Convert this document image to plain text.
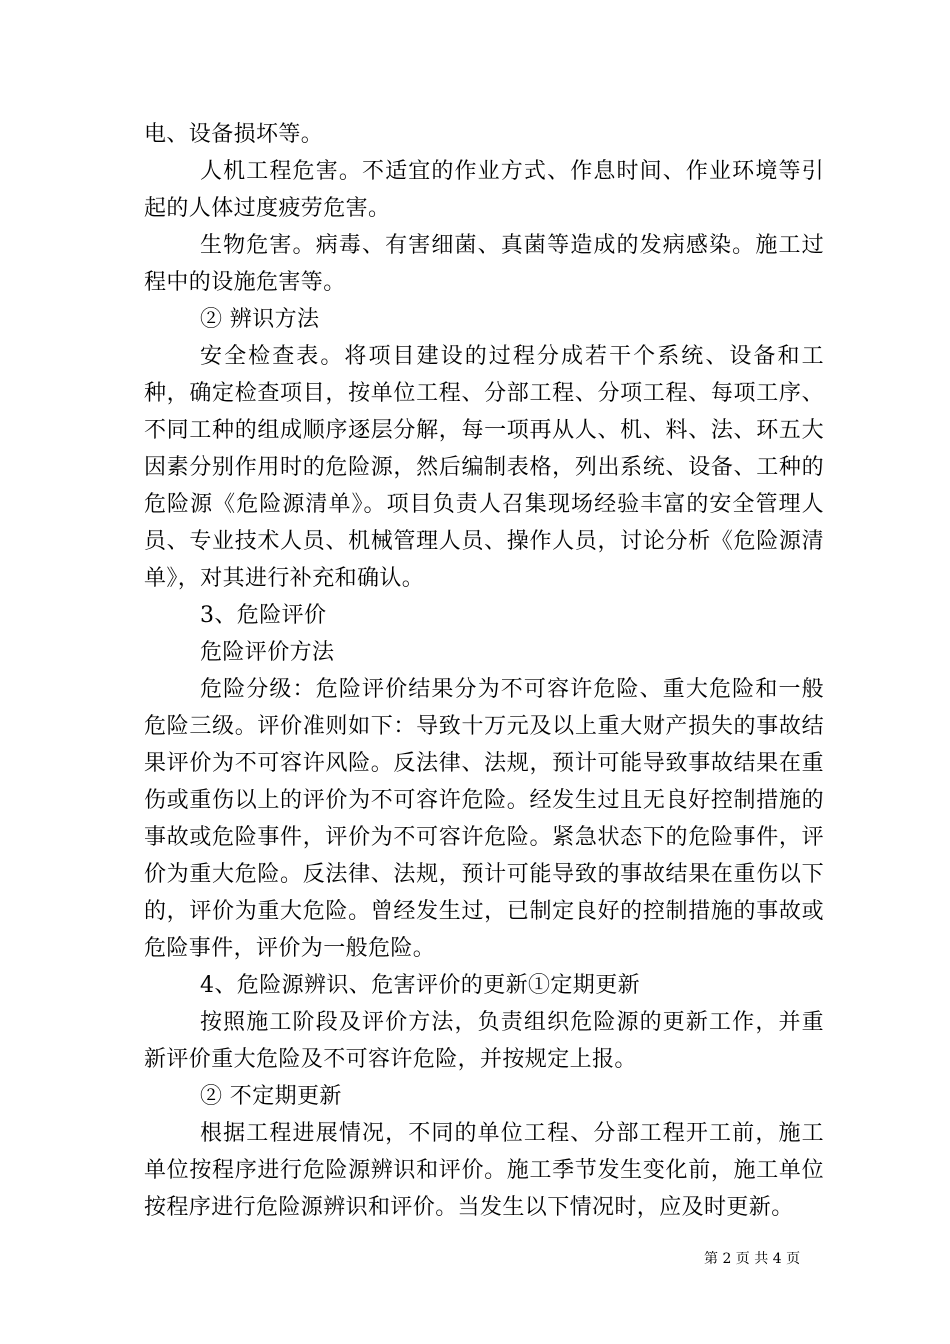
电、设备损坏等。

人机工程危害。不适宜的作业方式、作息时间、作业环境等引起的人体过度疲劳危害。

生物危害。病毒、有害细菌、真菌等造成的发病感染。施工过程中的设施危害等。

② 辨识方法

安全检查表。将项目建设的过程分成若干个系统、设备和工种，确定检查项目，按单位工程、分部工程、分项工程、每项工序、不同工种的组成顺序逐层分解，每一项再从人、机、料、法、环五大因素分别作用时的危险源，然后编制表格，列出系统、设备、工种的危险源《危险源清单》。项目负责人召集现场经验丰富的安全管理人员、专业技术人员、机械管理人员、操作人员，讨论分析《危险源清单》，对其进行补充和确认。

3、危险评价

危险评价方法

危险分级：危险评价结果分为不可容许危险、重大危险和一般危险三级。评价准则如下：导致十万元及以上重大财产损失的事故结果评价为不可容许风险。反法律、法规，预计可能导致事故结果在重伤或重伤以上的评价为不可容许危险。经发生过且无良好控制措施的事故或危险事件，评价为不可容许危险。紧急状态下的危险事件，评价为重大危险。反法律、法规，预计可能导致的事故结果在重伤以下的，评价为重大危险。曾经发生过，已制定良好的控制措施的事故或危险事件，评价为一般危险。

4、危险源辨识、危害评价的更新①定期更新

按照施工阶段及评价方法，负责组织危险源的更新工作，并重新评价重大危险及不可容许危险，并按规定上报。

② 不定期更新

根据工程进展情况，不同的单位工程、分部工程开工前，施工单位按程序进行危险源辨识和评价。施工季节发生变化前，施工单位按程序进行危险源辨识和评价。当发生以下情况时，应及时更新。

第 2 页 共 4 页
